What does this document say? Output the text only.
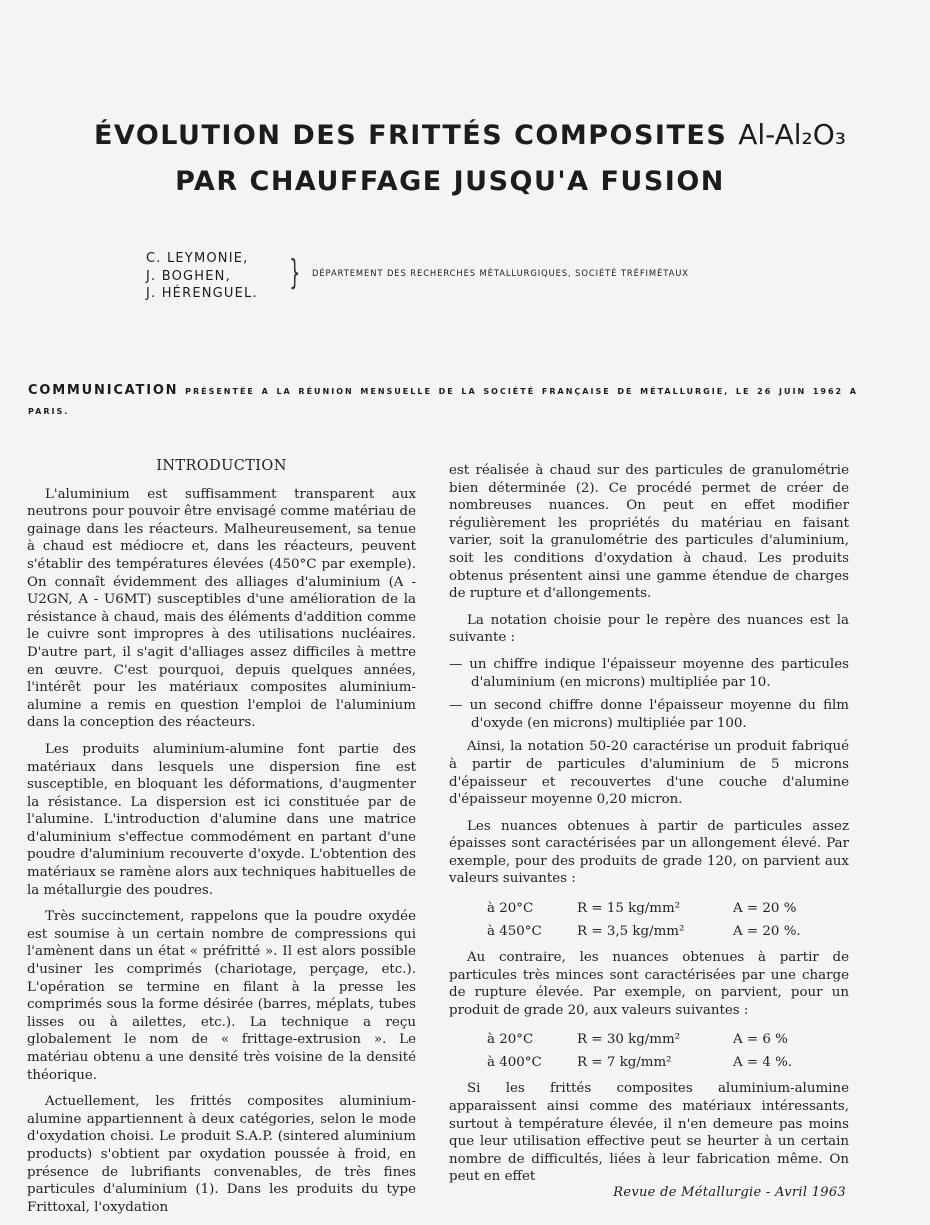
ÉVOLUTION DES FRITTÉS COMPOSITES Al-Al₂O₃
PAR CHAUFFAGE JUSQU'A FUSION
C. LEYMONIE,
J. BOGHEN,
J. HÉRENGUEL.
} DÉPARTEMENT DES RECHERCHES MÉTALLURGIQUES, SOCIÉTÉ TRÉFIMÉTAUX
COMMUNICATION PRÉSENTÉE A LA RÉUNION MENSUELLE DE LA SOCIÉTÉ FRANÇAISE DE MÉTALLURGIE, LE 26 JUIN 1962 A PARIS.
INTRODUCTION

L'aluminium est suffisamment transparent aux neutrons pour pouvoir être envisagé comme matériau de gainage dans les réacteurs. Malheureusement, sa tenue à chaud est médiocre et, dans les réacteurs, peuvent s'établir des températures élevées (450°C par exemple). On connaît évidemment des alliages d'aluminium (A - U2GN, A - U6MT) susceptibles d'une amélioration de la résistance à chaud, mais des éléments d'addition comme le cuivre sont impropres à des utilisations nucléaires. D'autre part, il s'agit d'alliages assez difficiles à mettre en œuvre. C'est pourquoi, depuis quelques années, l'intérêt pour les matériaux composites aluminium-alumine a remis en question l'emploi de l'aluminium dans la conception des réacteurs.

Les produits aluminium-alumine font partie des matériaux dans lesquels une dispersion fine est susceptible, en bloquant les déformations, d'augmenter la résistance. La dispersion est ici constituée par de l'alumine. L'introduction d'alumine dans une matrice d'aluminium s'effectue commodément en partant d'une poudre d'aluminium recouverte d'oxyde. L'obtention des matériaux se ramène alors aux techniques habituelles de la métallurgie des poudres.

Très succinctement, rappelons que la poudre oxydée est soumise à un certain nombre de compressions qui l'amènent dans un état « préfritté ». Il est alors possible d'usiner les comprimés (chariotage, perçage, etc.). L'opération se termine en filant à la presse les comprimés sous la forme désirée (barres, méplats, tubes lisses ou à ailettes, etc.). La technique a reçu globalement le nom de « frittage-extrusion ». Le matériau obtenu a une densité très voisine de la densité théorique.

Actuellement, les frittés composites aluminium-alumine appartiennent à deux catégories, selon le mode d'oxydation choisi. Le produit S.A.P. (sintered aluminium products) s'obtient par oxydation poussée à froid, en présence de lubrifiants convenables, de très fines particules d'aluminium (1). Dans les produits du type Frittoxal, l'oxydation

est réalisée à chaud sur des particules de granulométrie bien déterminée (2). Ce procédé permet de créer de nombreuses nuances. On peut en effet modifier régulièrement les propriétés du matériau en faisant varier, soit la granulométrie des particules d'aluminium, soit les conditions d'oxydation à chaud. Les produits obtenus présentent ainsi une gamme étendue de charges de rupture et d'allongements.

La notation choisie pour le repère des nuances est la suivante :

— un chiffre indique l'épaisseur moyenne des particules d'aluminium (en microns) multipliée par 10.
— un second chiffre donne l'épaisseur moyenne du film d'oxyde (en microns) multipliée par 100.

Ainsi, la notation 50-20 caractérise un produit fabriqué à partir de particules d'aluminium de 5 microns d'épaisseur et recouvertes d'une couche d'alumine d'épaisseur moyenne 0,20 micron.

Les nuances obtenues à partir de particules assez épaisses sont caractérisées par un allongement élevé. Par exemple, pour des produits de grade 120, on parvient aux valeurs suivantes :

à 20°C	R = 15 kg/mm²	A = 20 %
à 450°C	R = 3,5 kg/mm²	A = 20 %.

Au contraire, les nuances obtenues à partir de particules très minces sont caractérisées par une charge de rupture élevée. Par exemple, on parvient, pour un produit de grade 20, aux valeurs suivantes :

à 20°C	R = 30 kg/mm²	A = 6 %
à 400°C	R = 7 kg/mm²	A = 4 %.

Si les frittés composites aluminium-alumine apparaissent ainsi comme des matériaux intéressants, surtout à température élevée, il n'en demeure pas moins que leur utilisation effective peut se heurter à un certain nombre de difficultés, liées à leur fabrication même. On peut en effet

Revue de Métallurgie - Avril 1963
